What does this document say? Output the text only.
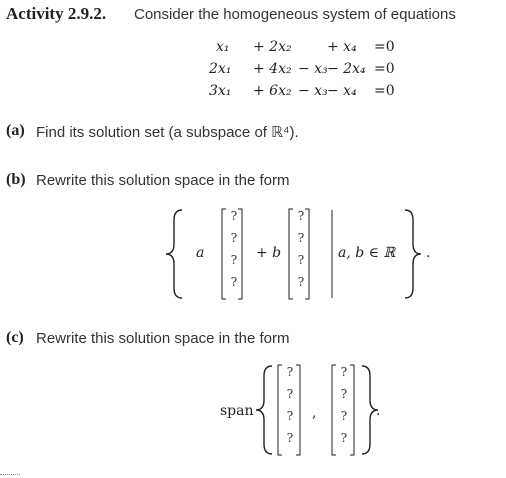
Activity 2.9.2. Consider the homogeneous system of equations
x₁ + 2x₂	+ x₄ =0
2x₁ + 4x₂ − x₃ − 2x₄ =0
3x₁ + 6x₂ − x₃ − x₄ =0
(a) Find its solution set (a subspace of ℝ⁴).
(b) Rewrite this solution space in the form
a
?
?
?
?
+ b
?
?
?
?
a, b ∈ ℝ .
(c) Rewrite this solution space in the form
span
?
?
?
?
,
?
?
?
?
.
